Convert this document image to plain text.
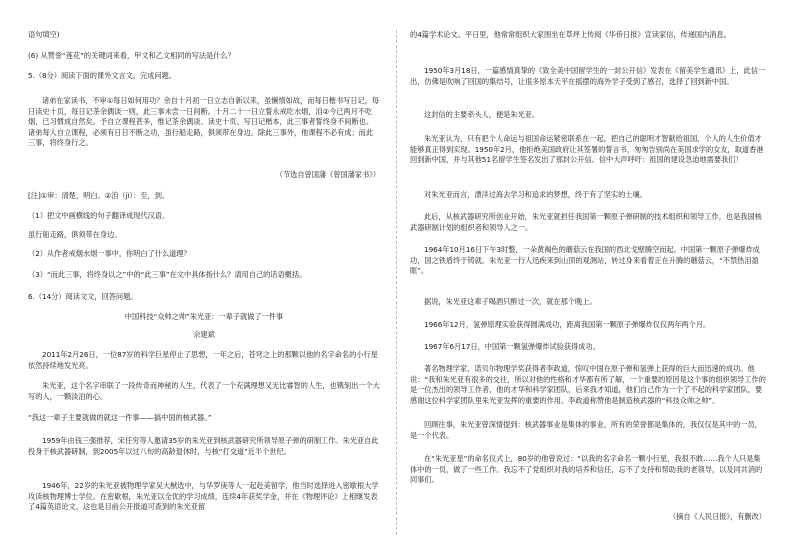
语句填空)
(6) 从赞誉“莲花”的关键词来看，甲文和乙文相同的写法是什么？
5.（8分）阅读下面的课外文言文，完成问题。

诸弟在家读书，不审①每日如何用功？余自十月初一日立志自新以来，虽懒惰如故，而每日楷书写日记，每日读史十页，每日记茶余偶谈一则，此三事未尝一日间断。十月二十一日立誓永戒吃水烟，洎②今已两月不吃烟，已习惯成自然矣。予自立课程甚多，惟记茶余偶谈、读史十页、写日记楷本，此三事者誓终身不间断也。诸弟每人自立课程，必须有日日不断之功，虽行船走路，俱须带在身边。除此三事外，他课程不必有成；而此三事，将终身行之。

（节选自曾国藩《曾国藩家书》）
[注]①审：清楚，明白。②洎（jì）：至，到。
（1）把文中画横线的句子翻译成现代汉语。
虽行船走路，俱须带在身边。
（2）从作者戒烟水烟一事中，你明白了什么道理？
（3）“而此三事，将终身以之”中的“此三事”在文中具体指什么？请用自己的话语概括。
6.（14分）阅读文文，回答问题。
中国科技“众帅之帅”朱光亚：一辈子就做了一件事
佘建斌

2011年2月26日，一位87岁的科学巨星停止了思想，一年之后，苍穹之上的那颗以他的名字命名的小行星依然持续地发光亮。

朱光亚，这个名字串联了一段传奇而神秘的人生，代表了一个充满理想又无比睿智的人生，也镌刻出一个大写的人，一颗淡泊的心。

“我这一辈子主要就做的就这一件事——搞中国的核武器。”

1959年由钱三强推荐，宋任穷等人邀请35岁的朱光亚到核武器研究所领导原子弹的研制工作。朱光亚自此投身于核武器研制，到2005年以过八旬的高龄退休时，与核“打交道”近半个世纪。

1946年，22岁的朱光亚被物理学家吴大猷选中，与华罗庚等人一起赴美留学，他当时选择进入密歇根大学攻读核物理博士学位。在密歇根，朱光亚以全优的学习成绩，连续4年获奖学金，并在《物理评论》上相继发表了4篇英语论文。这也是目前公开报道可查到的朱光亚留

的4篇学术论文。平日里，他常常组织大家围坐在草坪上传阅《华侨日报》宣读家信，传递国内消息。

1950年3月18日，一篇感情真挚的《致全美中国留学生的一封公开信》发表在《留美学生通讯》上，此信一出，仿佛是吹响了回国的集结号，让很多原本天平在摇摆的海外学子受到了感召，选择了回到新中国。

这封信的主要牵头人，便是朱光亚。

朱光亚认为，只有把个人命运与祖国命运紧密联系在一起，把自己的聪明才智献给祖国，个人的人生价值才能够真正得到实现。1950年2月，他拒绝美国政府让其签署的誓言书，匆匆告别尚在美国求学的女友，取道香港回到新中国，并与其他51名留学生签名发出了那封公开信。信中大声呼吁：祖国的建设急迫地需要我们！

对朱光亚而言，漂洋过海去学习和追求的梦想，终于有了坚实的土壤。

此后，从核武器研究所创业开始，朱光亚就担任我国第一颗原子弹研制的技术组织和领导工作，也是我国核武器研制计划的组织者和领导人之一。

1964年10月16日下午3时整，一朵黄褐色的蘑菇云在我国的西北戈壁腾空而起。中国第一颗原子弹爆炸成功，国之铁盾终于铸就。朱光亚一行人迅疾来到山顶的观测站，转过身来看着正在升腾的蘑菇云，“不禁热泪盈眶”。

据说，朱光亚这辈子喝酒只醉过一次，就在那个晚上。

1966年12月，氢弹原理实验获得圆满成功，距离我国第一颗原子弹爆炸仅仅两年两个月。

1967年6月17日，中国第一颗氢弹爆炸试验获得成功。

著名物理学家、诺贝尔物理学奖获得者李政道，惊叹中国在原子弹和氢弹上获得的巨大而迅速的成功。他说：“我和朱光亚有很多的交往，所以对他的性格和才华都有所了解，一个重要的原因是这个事的组织领导工作的是一位杰出的领导工作者，他的才华和科学家团队，后来我才知道，他们自己作为一个了不起的科学家团队，要感谢这位科学家团队里朱光亚发挥的重要的作用。李政道称赞他是制造核武器的“科技众帅之帅”。

回顾往事，朱光亚曾深情提到：核武器事业是集体的事业，所有的荣誉都是集体的，我仅仅是其中的一员，是一个代表。

在“朱光亚星”的命名仪式上，80岁的他曾说过：“以我的名字命名一颗小行星，我很不敢……我个人只是集体中的一员，做了一些工作。我忘不了党组织对我的培养和信任，忘不了支持和帮助我的老领导，以及同共消的同事们。

（摘自《人民日报》，有删改）
